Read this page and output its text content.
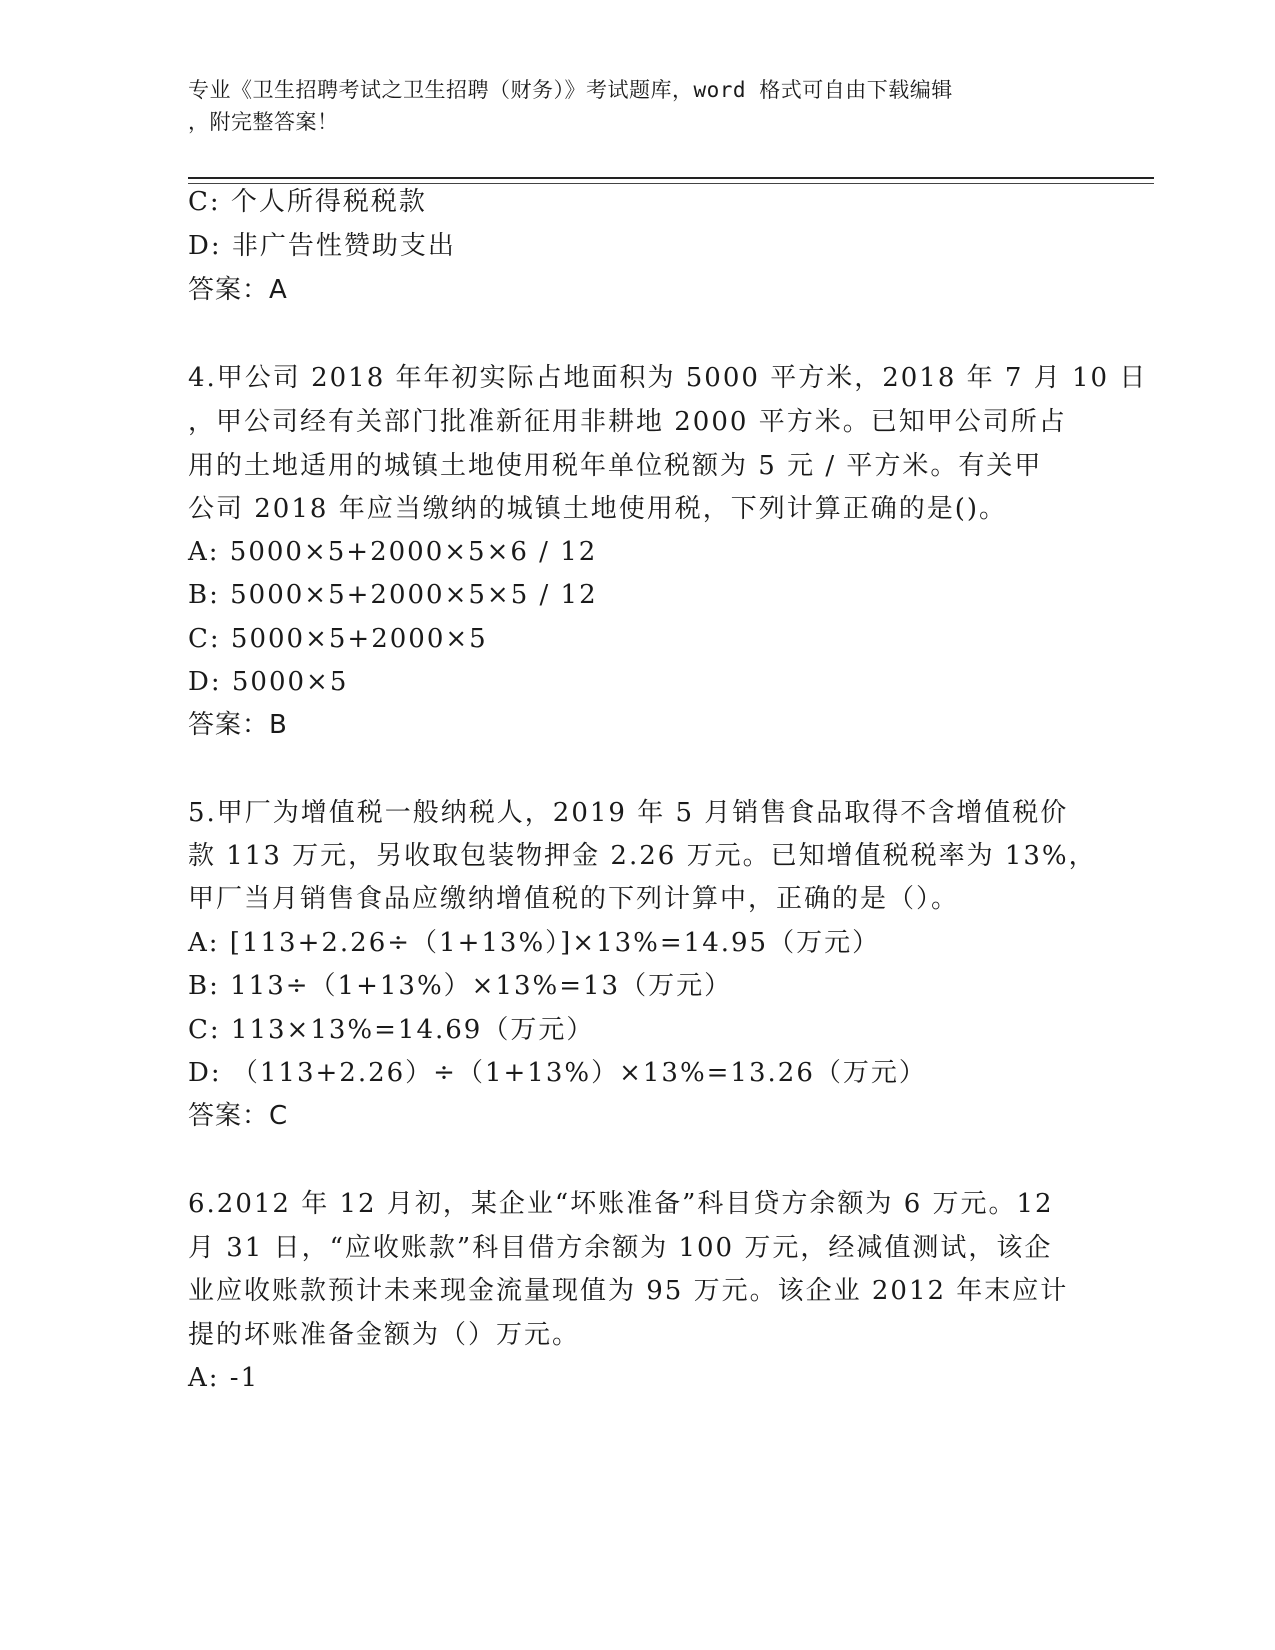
专业《卫生招聘考试之卫生招聘（财务）》考试题库，word 格式可自由下载编辑
，附完整答案！
C: 个人所得税税款
D: 非广告性赞助支出
答案：A
4.甲公司 2018 年年初实际占地面积为 5000 平方米，2018 年 7 月 10 日
，甲公司经有关部门批准新征用非耕地 2000 平方米。已知甲公司所占
用的土地适用的城镇土地使用税年单位税额为 5 元 / 平方米。有关甲
公司 2018 年应当缴纳的城镇土地使用税，下列计算正确的是()。
A: 5000×5+2000×5×6 / 12
B: 5000×5+2000×5×5 / 12
C: 5000×5+2000×5
D: 5000×5
答案：B
5.甲厂为增值税一般纳税人，2019 年 5 月销售食品取得不含增值税价
款 113 万元，另收取包装物押金 2.26 万元。已知增值税税率为 13%，
甲厂当月销售食品应缴纳增值税的下列计算中，正确的是（）。
A: [113+2.26÷（1+13%）]×13%=14.95（万元）
B: 113÷（1+13%）×13%=13（万元）
C: 113×13%=14.69（万元）
D: （113+2.26）÷（1+13%）×13%=13.26（万元）
答案：C
6.2012 年 12 月初，某企业“坏账准备”科目贷方余额为 6 万元。12
月 31 日，“应收账款”科目借方余额为 100 万元，经减值测试，该企
业应收账款预计未来现金流量现值为 95 万元。该企业 2012 年末应计
提的坏账准备金额为（）万元。
A: -1
